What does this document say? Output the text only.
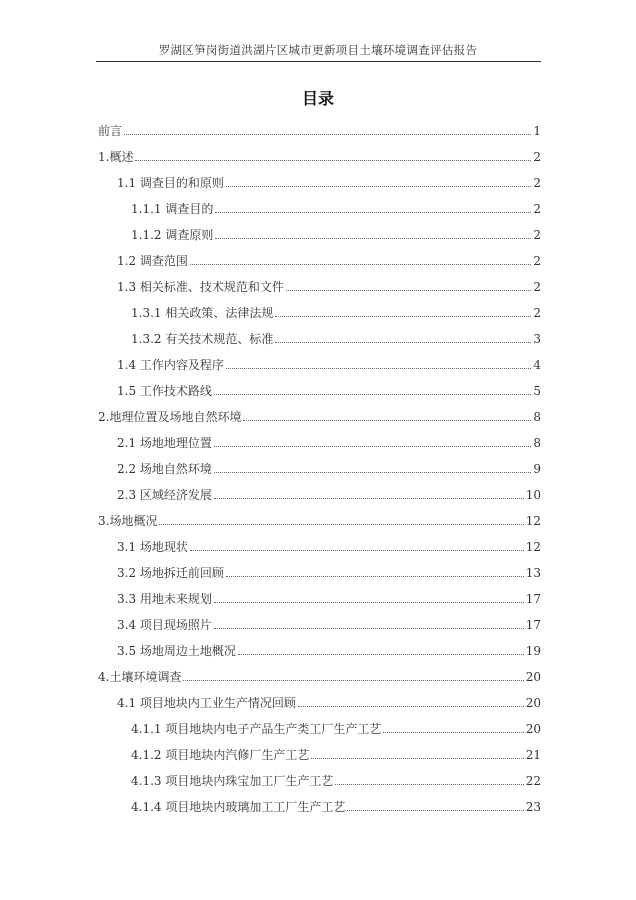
罗湖区笋岗街道洪湖片区城市更新项目土壤环境调查评估报告
目录
前言	1
1.概述	2
1.1 调查目的和原则	2
1.1.1 调查目的	2
1.1.2 调查原则	2
1.2 调查范围	2
1.3 相关标准、技术规范和文件	2
1.3.1 相关政策、法律法规	2
1.3.2 有关技术规范、标准	3
1.4 工作内容及程序	4
1.5 工作技术路线	5
2.地理位置及场地自然环境	8
2.1 场地地理位置	8
2.2 场地自然环境	9
2.3 区域经济发展	10
3.场地概况	12
3.1 场地现状	12
3.2 场地拆迁前回顾	13
3.3 用地未来规划	17
3.4 项目现场照片	17
3.5 场地周边土地概况	19
4.土壤环境调查	20
4.1 项目地块内工业生产情况回顾	20
4.1.1 项目地块内电子产品生产类工厂生产工艺	20
4.1.2 项目地块内汽修厂生产工艺	21
4.1.3 项目地块内珠宝加工厂生产工艺	22
4.1.4 项目地块内玻璃加工工厂生产工艺	23
